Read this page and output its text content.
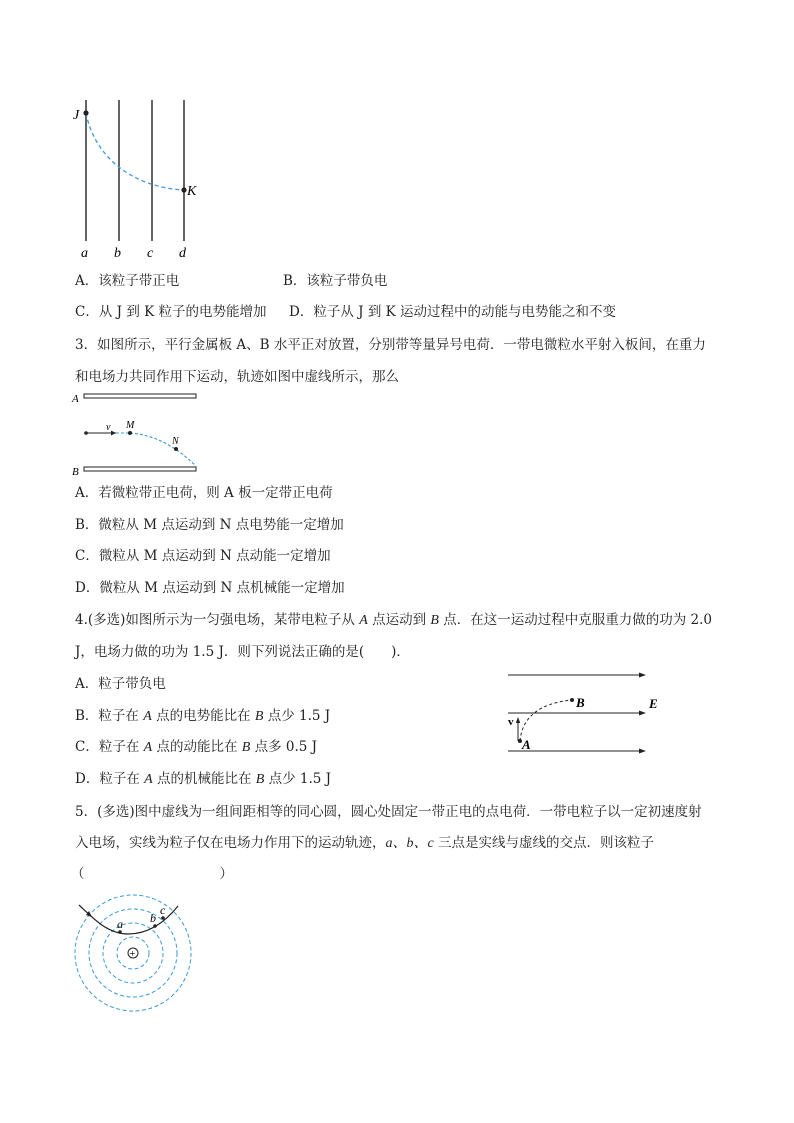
J
K
a b c d
A．该粒子带正电	B．该粒子带负电
C．从 J 到 K 粒子的电势能增加 D．粒子从 J 到 K 运动过程中的动能与电势能之和不变
3．如图所示，平行金属板 A、B 水平正对放置，分别带等量异号电荷．一带电微粒水平射入板间，在重力
和电场力共同作用下运动，轨迹如图中虚线所示，那么
A
B
v M
N
A．若微粒带正电荷，则 A 板一定带正电荷
B．微粒从 M 点运动到 N 点电势能一定增加
C．微粒从 M 点运动到 N 点动能一定增加
D．微粒从 M 点运动到 N 点机械能一定增加
4.(多选)如图所示为一匀强电场，某带电粒子从 A 点运动到 B 点．在这一运动过程中克服重力做的功为 2.0
J，电场力做的功为 1.5 J．则下列说法正确的是(　　)．
A．粒子带负电
B．粒子在 A 点的电势能比在 B 点少 1.5 J
C．粒子在 A 点的动能比在 B 点多 0.5 J
D．粒子在 A 点的机械能比在 B 点少 1.5 J
E
B
A
v
5．(多选)图中虚线为一组间距相等的同心圆，圆心处固定一带正电的点电荷．一带电粒子以一定初速度射
入电场，实线为粒子仅在电场力作用下的运动轨迹，a、b、c 三点是实线与虚线的交点．则该粒子
（　　　　　　　　　　）
+
a b
c
